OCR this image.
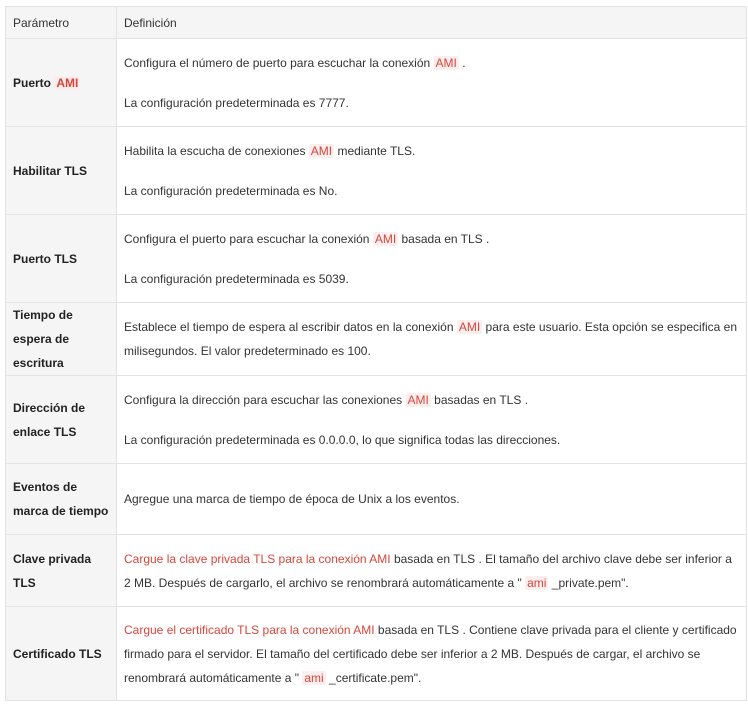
Parámetro	Definición
Puerto AMI	Configura el número de puerto para escuchar la conexión AMI .

La configuración predeterminada es 7777.

Habilitar TLS	Habilita la escucha de conexiones AMI mediante TLS.

La configuración predeterminada es No.

Puerto TLS	Configura el puerto para escuchar la conexión AMI basada en TLS .

La configuración predeterminada es 5039.

Tiempo de espera de escritura	Establece el tiempo de espera al escribir datos en la conexión AMI para este usuario. Esta opción se especifica en milisegundos. El valor predeterminado es 100.

Dirección de enlace TLS	Configura la dirección para escuchar las conexiones AMI basadas en TLS .

La configuración predeterminada es 0.0.0.0, lo que significa todas las direcciones.

Eventos de marca de tiempo	Agregue una marca de tiempo de época de Unix a los eventos.

Clave privada TLS	Cargue la clave privada TLS para la conexión AMI basada en TLS . El tamaño del archivo clave debe ser inferior a 2 MB. Después de cargarlo, el archivo se renombrará automáticamente a " ami _private.pem".

Certificado TLS	Cargue el certificado TLS para la conexión AMI basada en TLS . Contiene clave privada para el cliente y certificado firmado para el servidor. El tamaño del certificado debe ser inferior a 2 MB. Después de cargar, el archivo se renombrará automáticamente a " ami _certificate.pem".
